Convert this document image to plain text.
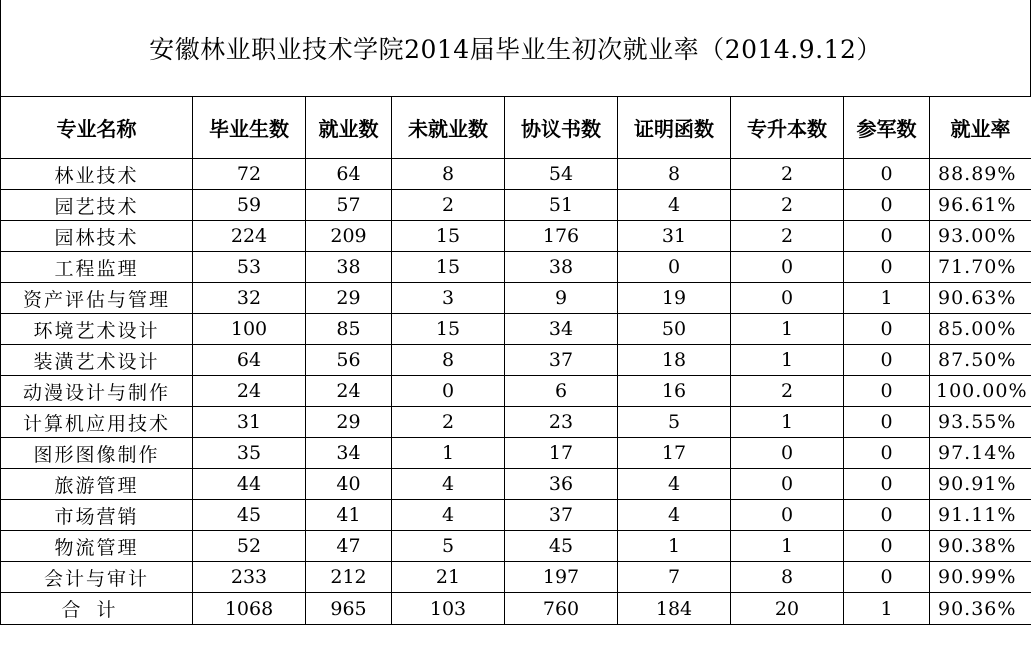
安徽林业职业技术学院2014届毕业生初次就业率（2014.9.12）
专业名称	毕业生数	就业数	未就业数	协议书数	证明函数	专升本数	参军数	就业率
林业技术	72	64	8	54	8	2	0	88.89%
园艺技术	59	57	2	51	4	2	0	96.61%
园林技术	224	209	15	176	31	2	0	93.00%
工程监理	53	38	15	38	0	0	0	71.70%
资产评估与管理	32	29	3	9	19	0	1	90.63%
环境艺术设计	100	85	15	34	50	1	0	85.00%
装潢艺术设计	64	56	8	37	18	1	0	87.50%
动漫设计与制作	24	24	0	6	16	2	0	100.00%
计算机应用技术	31	29	2	23	5	1	0	93.55%
图形图像制作	35	34	1	17	17	0	0	97.14%
旅游管理	44	40	4	36	4	0	0	90.91%
市场营销	45	41	4	37	4	0	0	91.11%
物流管理	52	47	5	45	1	1	0	90.38%
会计与审计	233	212	21	197	7	8	0	90.99%
合计	1068	965	103	760	184	20	1	90.36%
